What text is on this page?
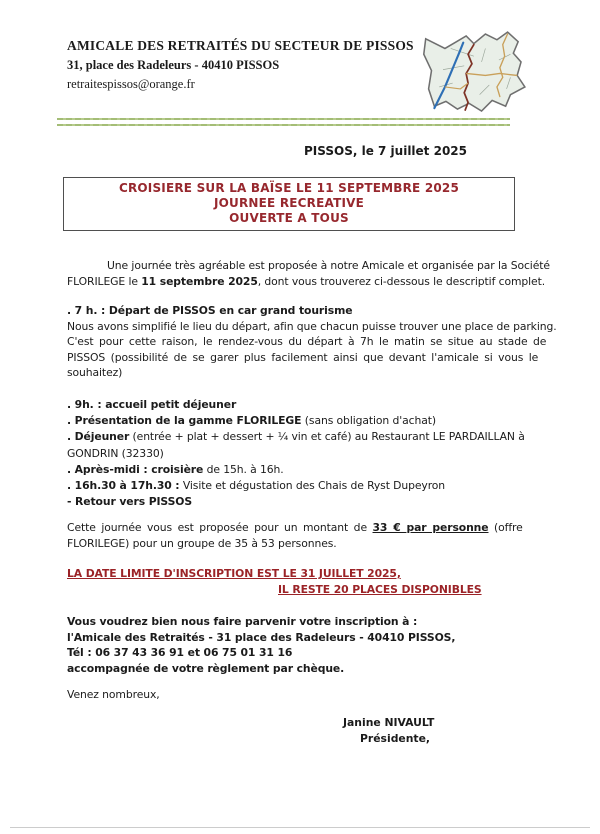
AMICALE DES RETRAITÉS DU SECTEUR DE PISSOS
31, place des Radeleurs - 40410 PISSOS
retraitespissos@orange.fr
PISSOS, le 7 juillet 2025
CROISIERE SUR LA BAÏSE LE 11 SEPTEMBRE 2025
JOURNEE RECREATIVE
OUVERTE A TOUS
Une journée très agréable est proposée à notre Amicale et organisée par la Société
FLORILEGE le 11 septembre 2025, dont vous trouverez ci-dessous le descriptif complet.
. 7 h. : Départ de PISSOS en car grand tourisme
Nous avons simplifié le lieu du départ, afin que chacun puisse trouver une place de parking.
C'est pour cette raison, le rendez-vous du départ à 7h le matin se situe au stade de
PISSOS (possibilité de se garer plus facilement ainsi que devant l'amicale si vous le
souhaitez)
. 9h. : accueil petit déjeuner
. Présentation de la gamme FLORILEGE (sans obligation d'achat)
. Déjeuner (entrée + plat + dessert + ¼ vin et café) au Restaurant LE PARDAILLAN à
GONDRIN (32330)
. Après-midi : croisière de 15h. à 16h.
. 16h.30 à 17h.30 : Visite et dégustation des Chais de Ryst Dupeyron
- Retour vers PISSOS
Cette journée vous est proposée pour un montant de 33 € par personne (offre
FLORILEGE) pour un groupe de 35 à 53 personnes.
LA DATE LIMITE D'INSCRIPTION EST LE 31 JUILLET 2025,
IL RESTE 20 PLACES DISPONIBLES
Vous voudrez bien nous faire parvenir votre inscription à :
l'Amicale des Retraités - 31 place des Radeleurs - 40410 PISSOS,
Tél : 06 37 43 36 91 et 06 75 01 31 16
accompagnée de votre règlement par chèque.
Venez nombreux,
Janine NIVAULT
Présidente,
